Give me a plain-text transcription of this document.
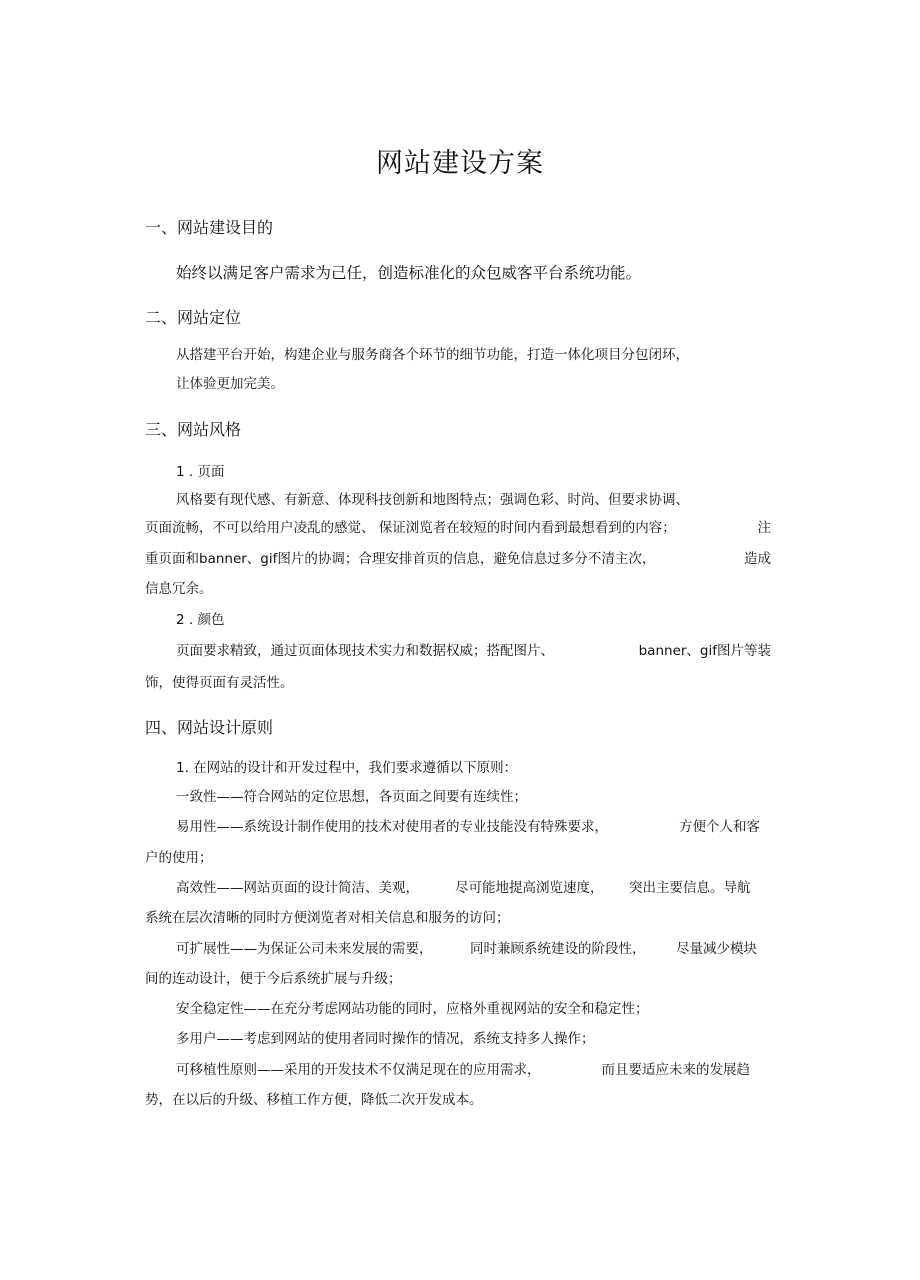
网站建设方案
一、网站建设目的
始终以满足客户需求为己任，创造标准化的众包威客平台系统功能。
二、网站定位
从搭建平台开始，构建企业与服务商各个环节的细节功能，打造一体化项目分包闭环，
让体验更加完美。
三、网站风格
1 . 页面
风格要有现代感、有新意、体现科技创新和地图特点；强调色彩、时尚、但要求协调、
页面流畅，不可以给用户凌乱的感觉、 保证浏览者在较短的时间内看到最想看到的内容；	注
重页面和banner、gif图片的协调；合理安排首页的信息，避免信息过多分不清主次，	造成
信息冗余。
2 . 颜色
页面要求精致，通过页面体现技术实力和数据权威；搭配图片、	banner、gif图片等装
饰，使得页面有灵活性。
四、网站设计原则
1. 在网站的设计和开发过程中，我们要求遵循以下原则：
一致性——符合网站的定位思想，各页面之间要有连续性；
易用性——系统设计制作使用的技术对使用者的专业技能没有特殊要求，	方便个人和客
户的使用；
高效性——网站页面的设计简洁、美观，	尽可能地提高浏览速度， 突出主要信息。导航
系统在层次清晰的同时方便浏览者对相关信息和服务的访问；
可扩展性——为保证公司未来发展的需要，	同时兼顾系统建设的阶段性， 尽量减少模块
间的连动设计，便于今后系统扩展与升级；
安全稳定性——在充分考虑网站功能的同时，应格外重视网站的安全和稳定性；
多用户——考虑到网站的使用者同时操作的情况，系统支持多人操作；
可移植性原则——采用的开发技术不仅满足现在的应用需求，	而且要适应未来的发展趋
势，在以后的升级、移植工作方便，降低二次开发成本。
